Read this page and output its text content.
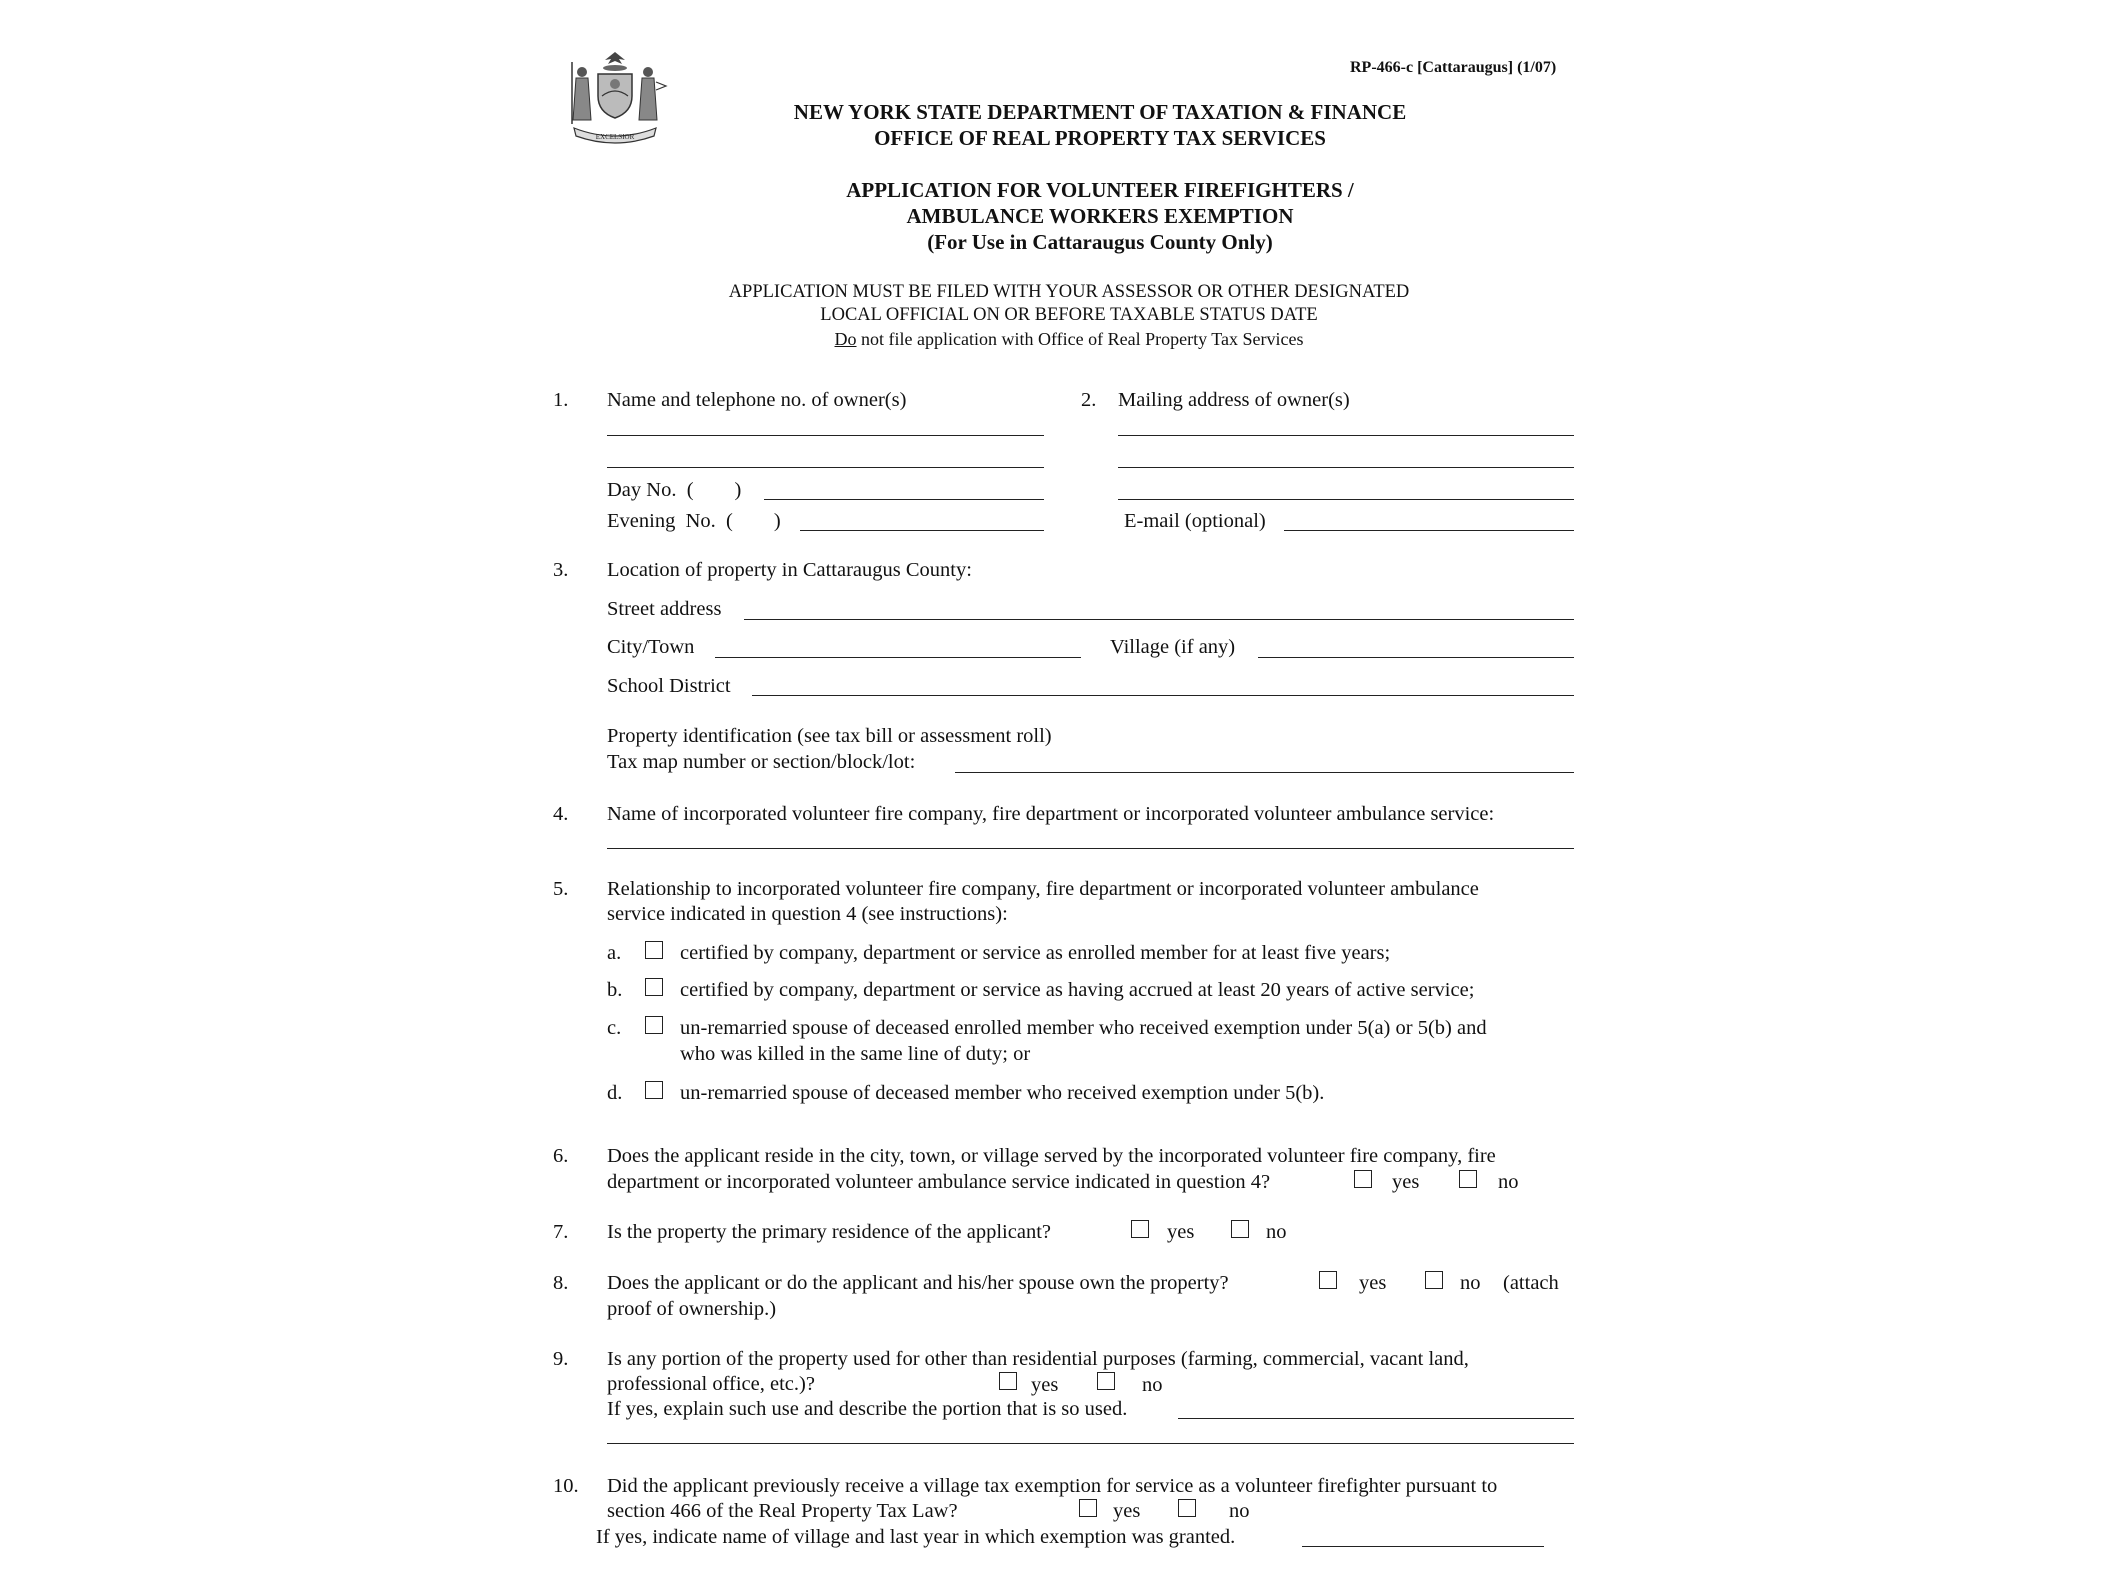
EXCELSIOR
RP-466-c [Cattaraugus] (1/07)
NEW YORK STATE DEPARTMENT OF TAXATION & FINANCE
OFFICE OF REAL PROPERTY TAX SERVICES
APPLICATION FOR VOLUNTEER FIREFIGHTERS /
AMBULANCE WORKERS EXEMPTION
(For Use in Cattaraugus County Only)
APPLICATION MUST BE FILED WITH YOUR ASSESSOR OR OTHER DESIGNATED
LOCAL OFFICIAL ON OR BEFORE TAXABLE STATUS DATE
Do not file application with Office of Real Property Tax Services
1. Name and telephone no. of owner(s)
Day No.  (        )
Evening  No.  (        )
2. Mailing address of owner(s)
E-mail (optional)
3. Location of property in Cattaraugus County:
Street address
City/Town	Village (if any)
School District
Property identification (see tax bill or assessment roll)
Tax map number or section/block/lot:
4. Name of incorporated volunteer fire company, fire department or incorporated volunteer ambulance service:
5. Relationship to incorporated volunteer fire company, fire department or incorporated volunteer ambulance
service indicated in question 4 (see instructions):
a.	certified by company, department or service as enrolled member for at least five years;
b.	certified by company, department or service as having accrued at least 20 years of active service;
c.	un-remarried spouse of deceased enrolled member who received exemption under 5(a) or 5(b) and
who was killed in the same line of duty; or
d.	un-remarried spouse of deceased member who received exemption under 5(b).
6. Does the applicant reside in the city, town, or village served by the incorporated volunteer fire company, fire
department or incorporated volunteer ambulance service indicated in question 4?	yes	no
7. Is the property the primary residence of the applicant?	yes	no
8. Does the applicant or do the applicant and his/her spouse own the property?	yes	no (attach
proof of ownership.)
9. Is any portion of the property used for other than residential purposes (farming, commercial, vacant land,
professional office, etc.)?	yes	no
If yes, explain such use and describe the portion that is so used.
10. Did the applicant previously receive a village tax exemption for service as a volunteer firefighter pursuant to
section 466 of the Real Property Tax Law?	yes	no
If yes, indicate name of village and last year in which exemption was granted.
